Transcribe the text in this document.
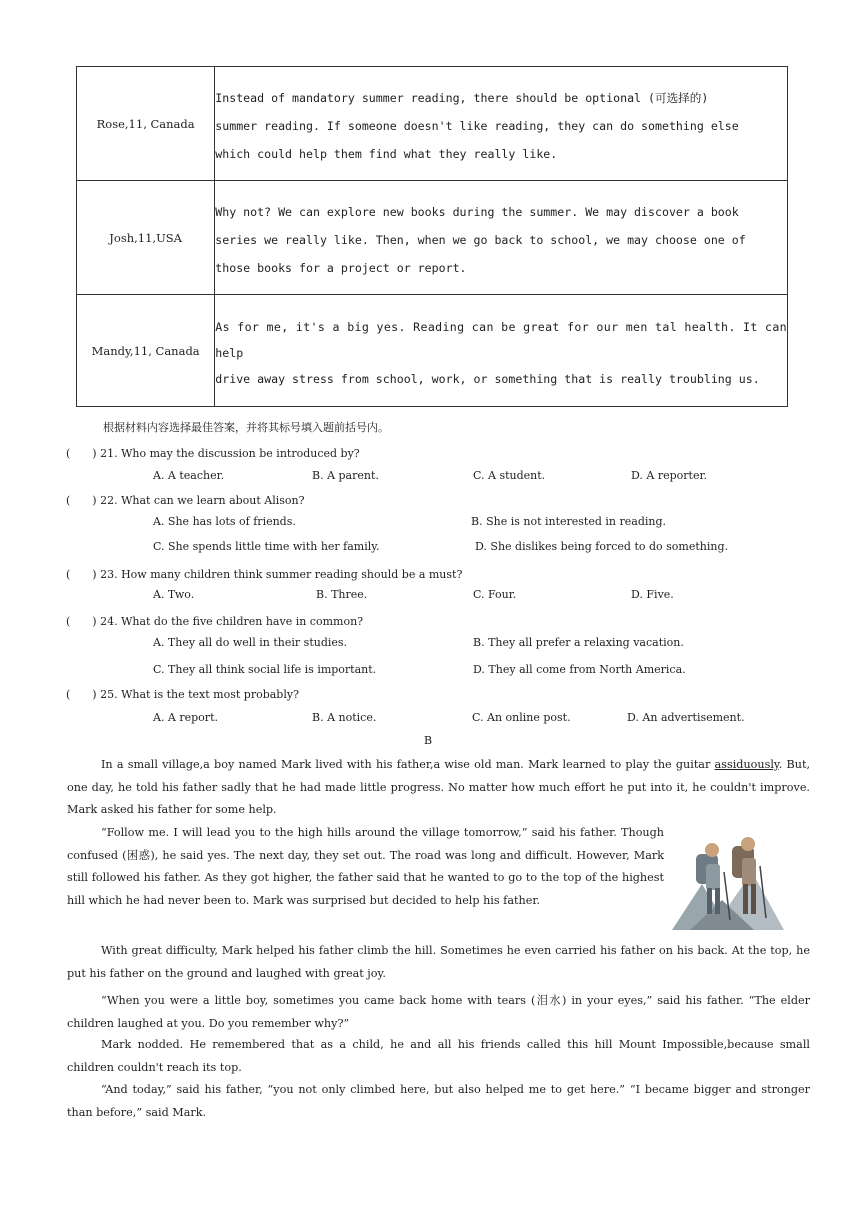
Rose,11, Canada	Instead of mandatory summer reading, there should be optional (可选择的)
summer reading. If someone doesn't like reading, they can do something else
which could help them find what they really like.

Josh,11,USA	Why not? We can explore new books during the summer. We may discover a book
series we really like. Then, when we go back to school, we may choose one of
those books for a project or report.

Mandy,11, Canada	As for me, it's a big yes. Reading can be great for our men tal health. It can
help
drive away stress from school, work, or something that is really troubling us.
根据材料内容选择最佳答案，并将其标号填入题前括号内。
(　　) 21. Who may the discussion be introduced by?
A. A teacher.	B. A parent.	C. A student.	D. A reporter.
(　　) 22. What can we learn about Alison?
A. She has lots of friends.	B. She is not interested in reading.
C. She spends little time with her family.	D. She dislikes being forced to do something.
(　　) 23. How many children think summer reading should be a must?
A. Two.	B. Three.	C. Four.	D. Five.
(　　) 24. What do the five children have in common?
A. They all do well in their studies.	B. They all prefer a relaxing vacation.
C. They all think social life is important.	D. They all come from North America.
(　　) 25. What is the text most probably?
A. A report.	B. A notice.	C. An online post.	D. An advertisement.
B

In a small village,a boy named Mark lived with his father,a wise old man. Mark learned to play the guitar assiduously. But, one day, he told his father sadly that he had made little progress. No matter how much effort he put into it, he couldn't improve. Mark asked his father for some help.

“Follow me. I will lead you to the high hills around the village tomorrow,” said his father. Though confused (困惑), he said yes. The next day, they set out. The road was long and difficult. However, Mark still followed his father. As they got higher, the father said that he wanted to go to the top of the highest hill which he had never been to. Mark was surprised but decided to help his father.
With great difficulty, Mark helped his father climb the hill. Sometimes he even carried his father on his back. At the top, he put his father on the ground and laughed with great joy.
“When you were a little boy, sometimes you came back home with tears (泪水) in your eyes,” said his father. “The elder children laughed at you. Do you remember why?”
Mark nodded. He remembered that as a child, he and all his friends called this hill Mount Impossible,because small children couldn't reach its top.
“And today,” said his father, “you not only climbed here, but also helped me to get here.” “I became bigger and stronger than before,” said Mark.
